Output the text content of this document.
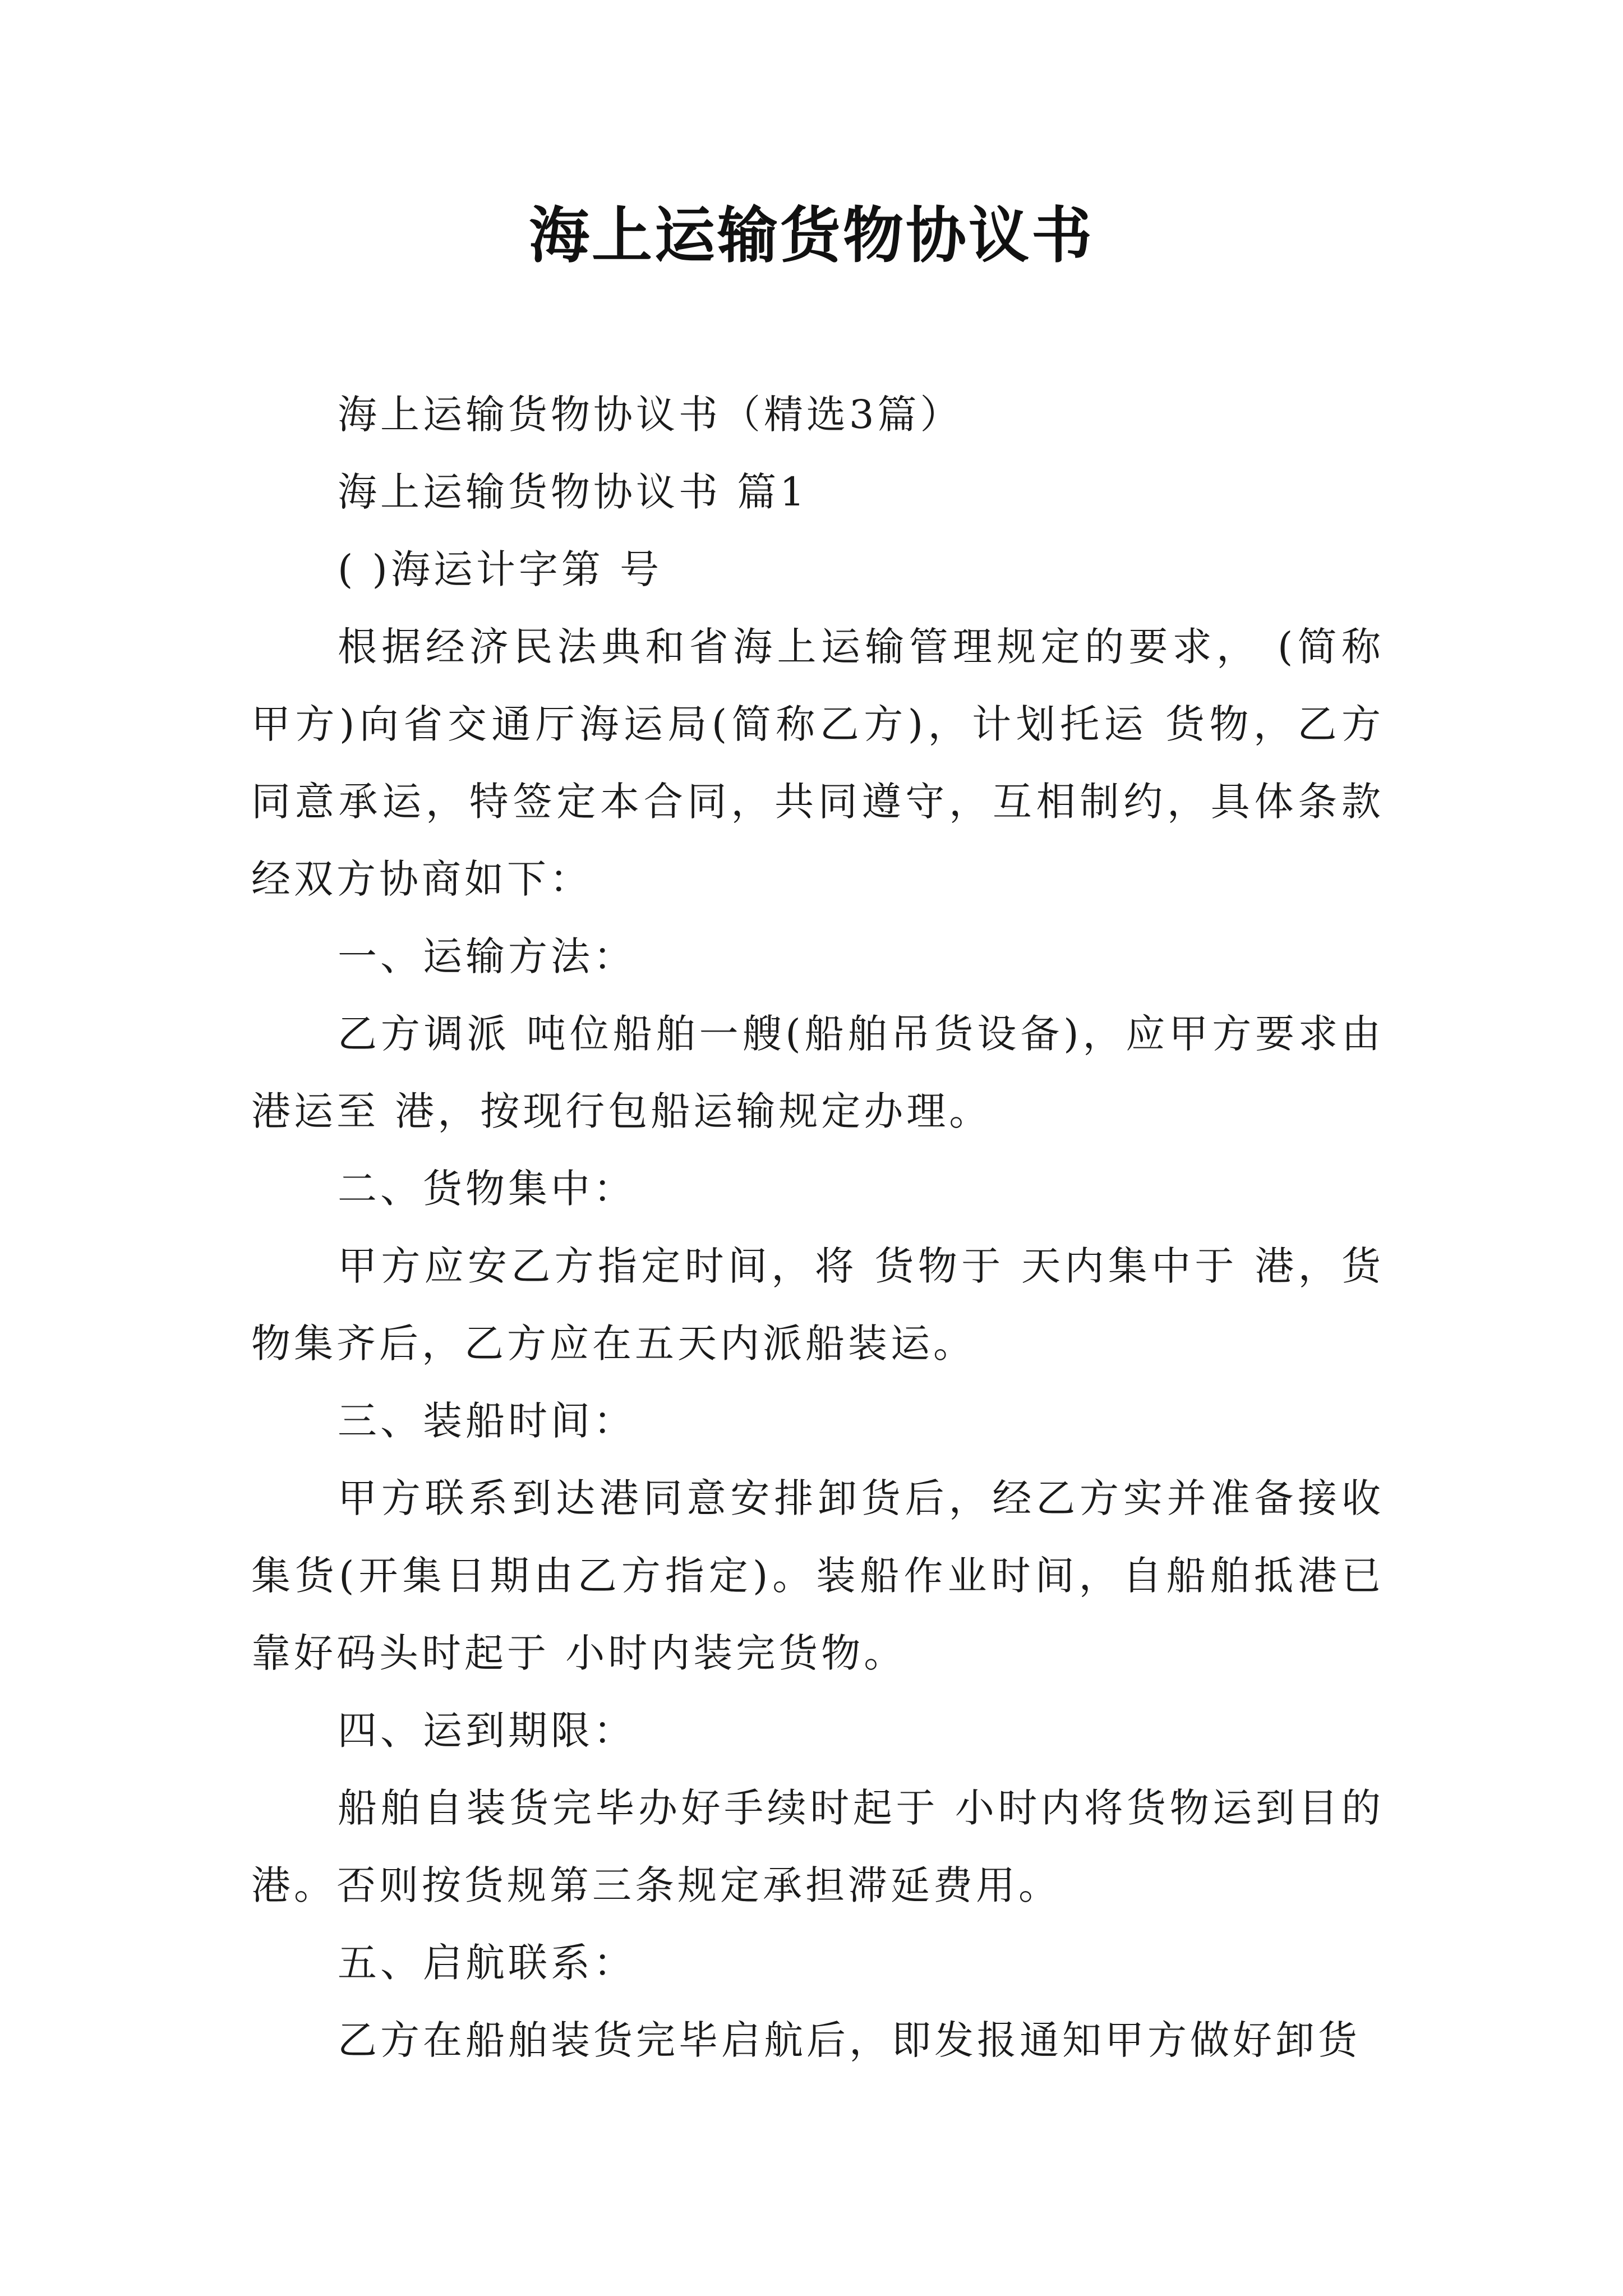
海上运输货物协议书

海上运输货物协议书（精选3篇）

海上运输货物协议书 篇1

( )海运计字第 号

根据经济民法典和省海上运输管理规定的要求， (简称甲方)向省交通厅海运局(简称乙方)，计划托运 货物，乙方同意承运，特签定本合同，共同遵守，互相制约，具体条款经双方协商如下：

一、运输方法：

乙方调派 吨位船舶一艘(船舶吊货设备)，应甲方要求由 港运至 港，按现行包船运输规定办理。

二、货物集中：

甲方应安乙方指定时间，将 货物于 天内集中于 港，货物集齐后，乙方应在五天内派船装运。

三、装船时间：

甲方联系到达港同意安排卸货后，经乙方实并准备接收集货(开集日期由乙方指定)。装船作业时间，自船舶抵港已靠好码头时起于 小时内装完货物。

四、运到期限：

船舶自装货完毕办好手续时起于 小时内将货物运到目的港。否则按货规第三条规定承担滞延费用。

五、启航联系：

乙方在船舶装货完毕启航后，即发报通知甲方做好卸货
